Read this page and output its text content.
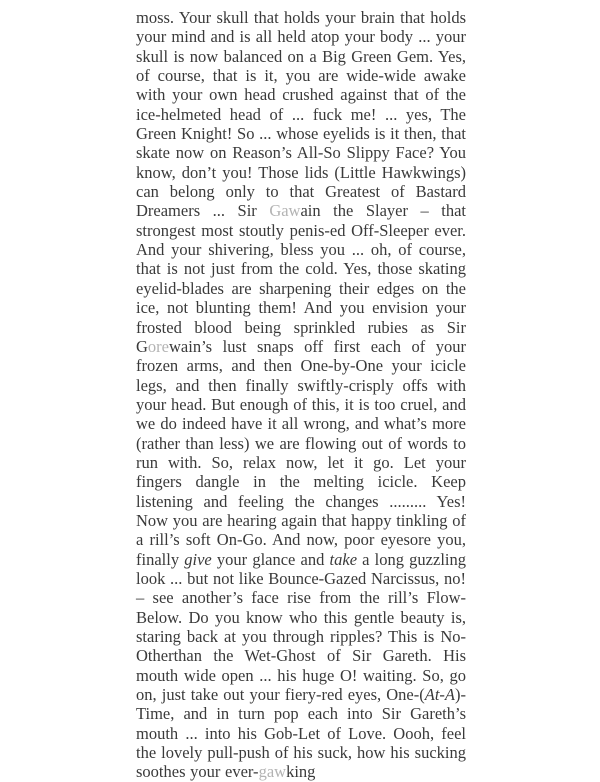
moss. Your skull that holds your brain that holds your mind and is all held atop your body ... your skull is now balanced on a Big Green Gem. Yes, of course, that is it, you are wide-wide awake with your own head crushed against that of the ice-helmeted head of ... fuck me! ... yes, The Green Knight! So ... whose eyelids is it then, that skate now on Reason’s All-So Slippy Face? You know, don’t you! Those lids (Little Hawkwings) can belong only to that Greatest of Bastard Dreamers ... Sir Gawain the Slayer – that strongest most stoutly penis-ed Off-Sleeper ever. And your shivering, bless you ... oh, of course, that is not just from the cold. Yes, those skating eyelid-blades are sharpening their edges on the ice, not blunting them! And you envision your frosted blood being sprinkled rubies as Sir Gorewain’s lust snaps off first each of your frozen arms, and then One-by-One your icicle legs, and then finally swiftly-crisply offs with your head. But enough of this, it is too cruel, and we do indeed have it all wrong, and what’s more (rather than less) we are flowing out of words to run with. So, relax now, let it go. Let your fingers dangle in the melting icicle. Keep listening and feeling the changes ......... Yes! Now you are hearing again that happy tinkling of a rill’s soft On-Go. And now, poor eyesore you, finally give your glance and take a long guzzling look ... but not like Bounce-Gazed Narcissus, no! – see another’s face rise from the rill’s Flow-Below. Do you know who this gentle beauty is, staring back at you through ripples? This is No-Otherthan the Wet-Ghost of Sir Gareth. His mouth wide open ... his huge O! waiting. So, go on, just take out your fiery-red eyes, One-(At-A)-Time, and in turn pop each into Sir Gareth’s mouth ... into his Gob-Let of Love. Oooh, feel the lovely pull-push of his suck, how his sucking soothes your ever-gawking
